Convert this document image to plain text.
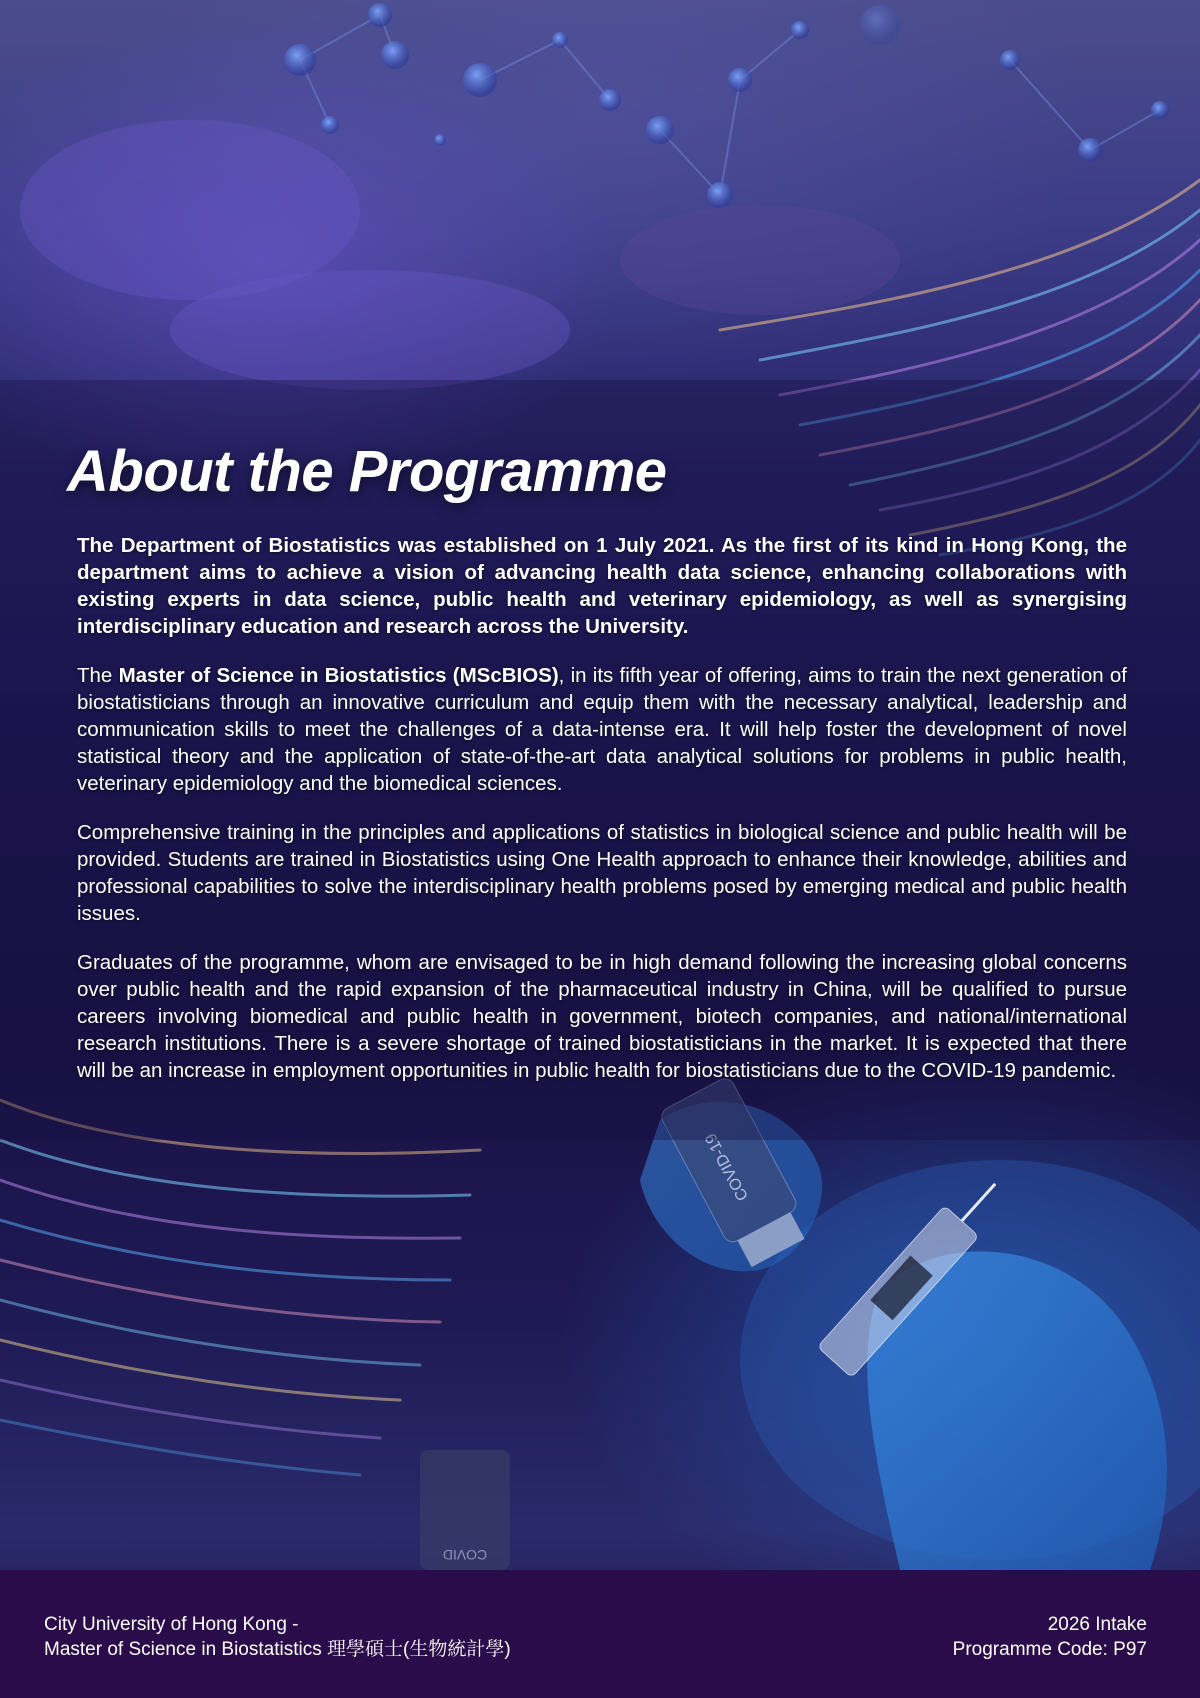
COVID-19
COVID
About the Programme

The Department of Biostatistics was established on 1 July 2021. As the first of its kind in Hong Kong, the department aims to achieve a vision of advancing health data science, enhancing collaborations with existing experts in data science, public health and veterinary epidemiology, as well as synergising interdisciplinary education and research across the University.

The Master of Science in Biostatistics (MScBIOS), in its fifth year of offering, aims to train the next generation of biostatisticians through an innovative curriculum and equip them with the necessary analytical, leadership and communication skills to meet the challenges of a data-intense era. It will help foster the development of novel statistical theory and the application of state-of-the-art data analytical solutions for problems in public health, veterinary epidemiology and the biomedical sciences.

Comprehensive training in the principles and applications of statistics in biological science and public health will be provided. Students are trained in Biostatistics using One Health approach to enhance their knowledge, abilities and professional capabilities to solve the interdisciplinary health problems posed by emerging medical and public health issues.

Graduates of the programme, whom are envisaged to be in high demand following the increasing global concerns over public health and the rapid expansion of the pharmaceutical industry in China, will be qualified to pursue careers involving biomedical and public health in government, biotech companies, and national/international research institutions. There is a severe shortage of trained biostatisticians in the market. It is expected that there will be an increase in employment opportunities in public health for biostatisticians due to the COVID-19 pandemic.

City University of Hong Kong -
Master of Science in Biostatistics 理學碩士(生物統計學)
2026 Intake
Programme Code: P97
